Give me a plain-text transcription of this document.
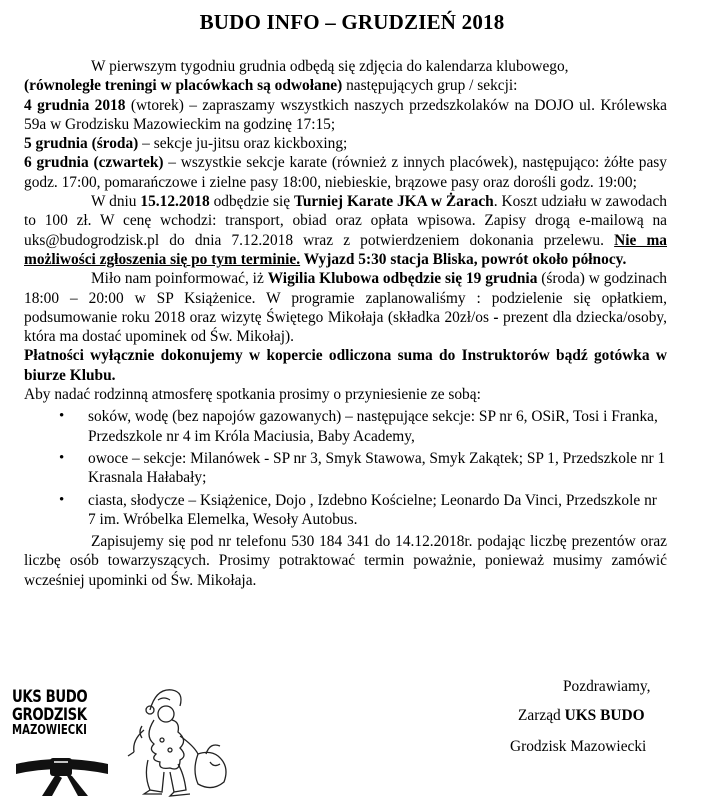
BUDO INFO – GRUDZIEŃ 2018

W pierwszym tygodniu grudnia odbędą się zdjęcia do kalendarza klubowego,
(równoległe treningi w placówkach są odwołane) następujących grup / sekcji:

4 grudnia 2018 (wtorek) – zapraszamy wszystkich naszych przedszkolaków na DOJO ul. Królewska 59a w Grodzisku Mazowieckim na godzinę 17:15;

5 grudnia (środa) – sekcje ju-jitsu oraz kickboxing;

6 grudnia (czwartek) – wszystkie sekcje karate (również z innych placówek), następująco: żółte pasy godz. 17:00, pomarańczowe i zielne pasy 18:00, niebieskie, brązowe pasy oraz dorośli godz. 19:00;

W dniu 15.12.2018 odbędzie się Turniej Karate JKA w Żarach. Koszt udziału w zawodach to 100 zł. W cenę wchodzi: transport, obiad oraz opłata wpisowa. Zapisy drogą e-mailową na uks@budogrodzisk.pl do dnia 7.12.2018 wraz z potwierdzeniem dokonania przelewu. Nie ma możliwości zgłoszenia się po tym terminie. Wyjazd 5:30 stacja Bliska, powrót około północy.

Miło nam poinformować, iż Wigilia Klubowa odbędzie się 19 grudnia (środa) w godzinach 18:00 – 20:00 w SP Książenice. W programie zaplanowaliśmy : podzielenie się opłatkiem, podsumowanie roku 2018 oraz wizytę Świętego Mikołaja (składka 20zł/os - prezent dla dziecka/osoby, która ma dostać upominek od Św. Mikołaj).

Płatności wyłącznie dokonujemy w kopercie odliczona suma do Instruktorów bądź gotówka w biurze Klubu.

Aby nadać rodzinną atmosferę spotkania prosimy o przyniesienie ze sobą:

• soków, wodę (bez napojów gazowanych) – następujące sekcje: SP nr 6, OSiR, Tosi i Franka, Przedszkole nr 4 im Króla Maciusia, Baby Academy,
• owoce – sekcje: Milanówek - SP nr 3, Smyk Stawowa, Smyk Zakątek; SP 1, Przedszkole nr 1 Krasnala Hałabały;
• ciasta, słodycze – Książenice, Dojo , Izdebno Kościelne; Leonardo Da Vinci, Przedszkole nr 7 im. Wróbelka Elemelka, Wesoły Autobus.

Zapisujemy się pod nr telefonu 530 184 341 do 14.12.2018r. podając liczbę prezentów oraz liczbę osób towarzyszących. Prosimy potraktować termin poważnie, ponieważ musimy zamówić wcześniej upominki od Św. Mikołaja.

Pozdrawiamy,
Zarząd UKS BUDO
Grodzisk Mazowiecki
UKS BUDO
GRODZISK
MAZOWIECKI
